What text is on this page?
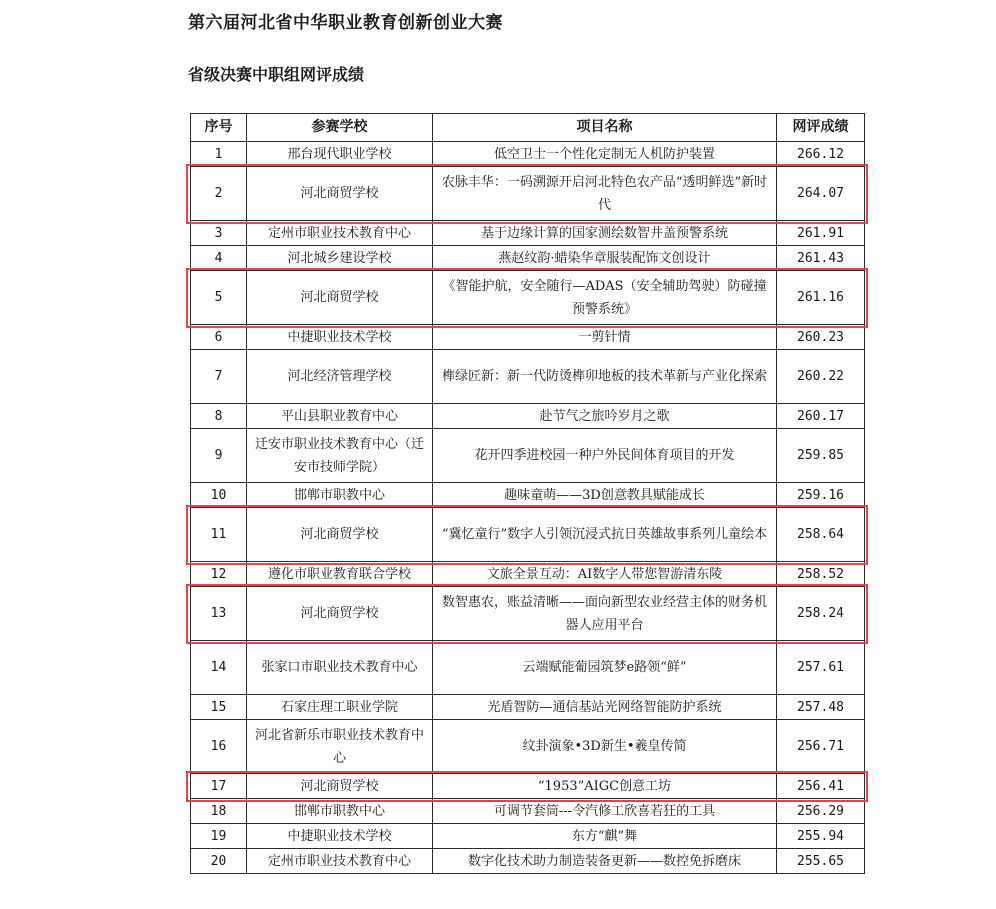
第六届河北省中华职业教育创新创业大赛
省级决赛中职组网评成绩
序号	参赛学校	项目名称	网评成绩
1	邢台现代职业学校	低空卫士一个性化定制无人机防护装置	266.12
2	河北商贸学校	农脉丰华：一码溯源开启河北特色农产品“透明鲜选”新时代	264.07
3	定州市职业技术教育中心	基于边缘计算的国家测绘数智井盖预警系统	261.91
4	河北城乡建设学校	燕赵纹韵·蜡染华章服装配饰文创设计	261.43
5	河北商贸学校	《智能护航，安全随行—ADAS（安全辅助驾驶）防碰撞预警系统》	261.16
6	中捷职业技术学校	一剪针情	260.23
7	河北经济管理学校	榫绿匠新：新一代防烫榫卯地板的技术革新与产业化探索	260.22
8	平山县职业教育中心	赴节气之旅吟岁月之歌	260.17
9	迁安市职业技术教育中心（迁安市技师学院）	花开四季进校园一种户外民间体育项目的开发	259.85
10	邯郸市职教中心	趣味童萌——3D创意教具赋能成长	259.16
11	河北商贸学校	“冀忆童行”数字人引领沉浸式抗日英雄故事系列儿童绘本	258.64
12	遵化市职业教育联合学校	文旅全景互动：AI数字人带您智游清东陵	258.52
13	河北商贸学校	数智惠农，账益清晰——面向新型农业经营主体的财务机器人应用平台	258.24
14	张家口市职业技术教育中心	云端赋能葡园筑梦e路领“鲜”	257.61
15	石家庄理工职业学院	光盾智防—通信基站光网络智能防护系统	257.48
16	河北省新乐市职业技术教育中心	纹卦演象•3D新生•羲皇传简	256.71
17	河北商贸学校	“1953”AIGC创意工坊	256.41
18	邯郸市职教中心	可调节套筒---令汽修工欣喜若狂的工具	256.29
19	中捷职业技术学校	东方“麒”舞	255.94
20	定州市职业技术教育中心	数字化技术助力制造装备更新——数控免拆磨床	255.65
